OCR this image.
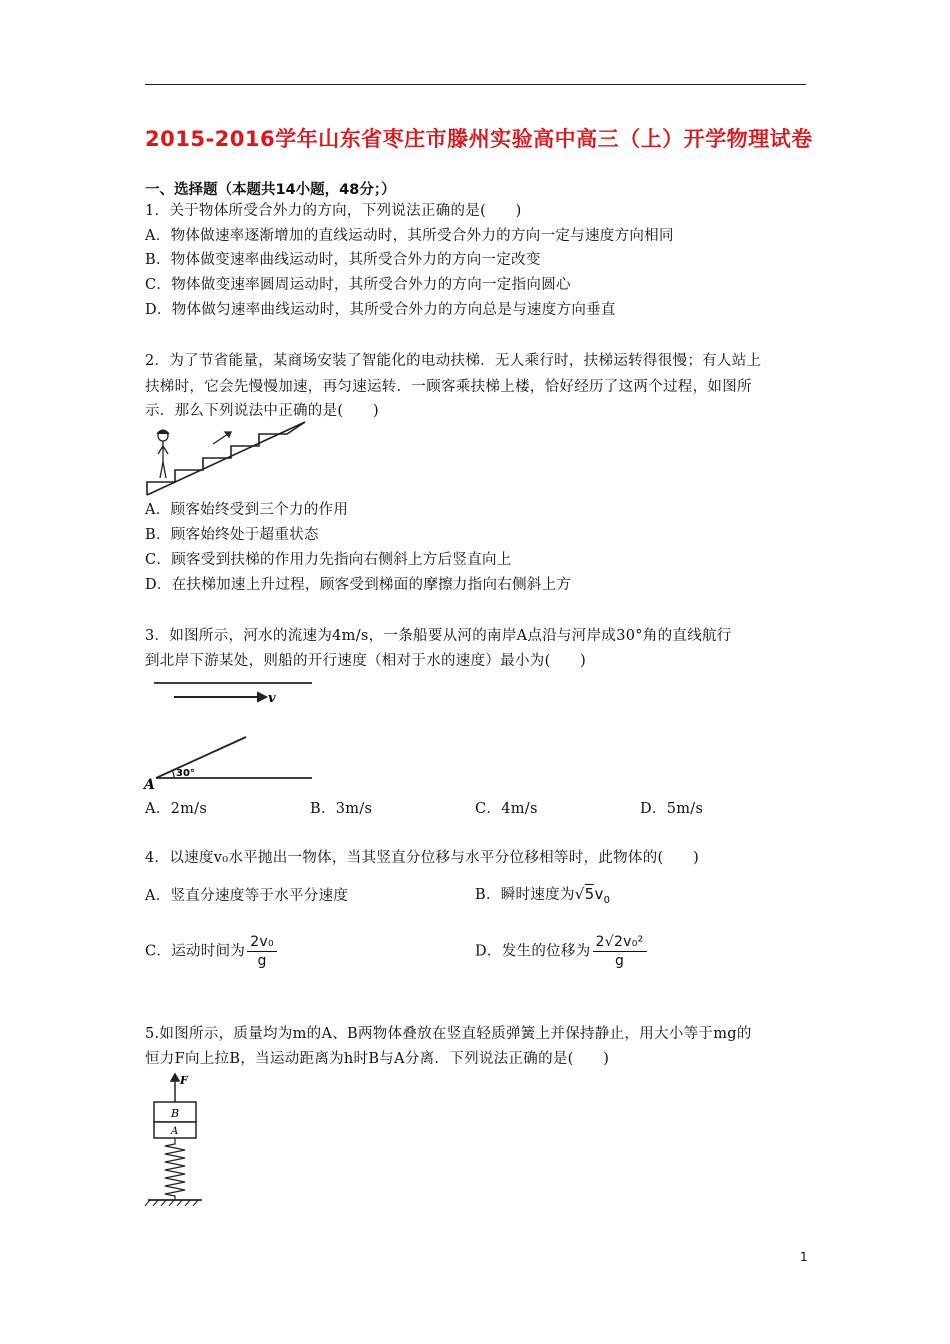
2015-2016学年山东省枣庄市滕州实验高中高三（上）开学物理试卷
一、选择题（本题共14小题，48分；）
1．关于物体所受合外力的方向，下列说法正确的是(　　)
A．物体做速率逐渐增加的直线运动时，其所受合外力的方向一定与速度方向相同
B．物体做变速率曲线运动时，其所受合外力的方向一定改变
C．物体做变速率圆周运动时，其所受合外力的方向一定指向圆心
D．物体做匀速率曲线运动时，其所受合外力的方向总是与速度方向垂直
2．为了节省能量，某商场安装了智能化的电动扶梯．无人乘行时，扶梯运转得很慢；有人站上
扶梯时，它会先慢慢加速，再匀速运转．一顾客乘扶梯上楼，恰好经历了这两个过程，如图所
示．那么下列说法中正确的是(　　)
A．顾客始终受到三个力的作用
B．顾客始终处于超重状态
C．顾客受到扶梯的作用力先指向右侧斜上方后竖直向上
D．在扶梯加速上升过程，顾客受到梯面的摩擦力指向右侧斜上方
3．如图所示，河水的流速为4m/s，一条船要从河的南岸A点沿与河岸成30°角的直线航行
到北岸下游某处，则船的开行速度（相对于水的速度）最小为(　　)
v
30°
A
A．2m/s	B．3m/s	C．4m/s	D．5m/s
4．以速度v₀水平抛出一物体，当其竖直分位移与水平分位移相等时，此物体的(　　)
A．竖直分速度等于水平分速度	B．瞬时速度为$√5v_0$
C．运动时间为 $\frac{\text{2v₀}}{g}$	D．发生的位移为 $\frac{\text{2√2v₀²}}{g}$
5.如图所示，质量均为m的A、B两物体叠放在竖直轻质弹簧上并保持静止，用大小等于mg的
恒力F向上拉B，当运动距离为h时B与A分离．下列说法正确的是(　　)
F
B
A
1
